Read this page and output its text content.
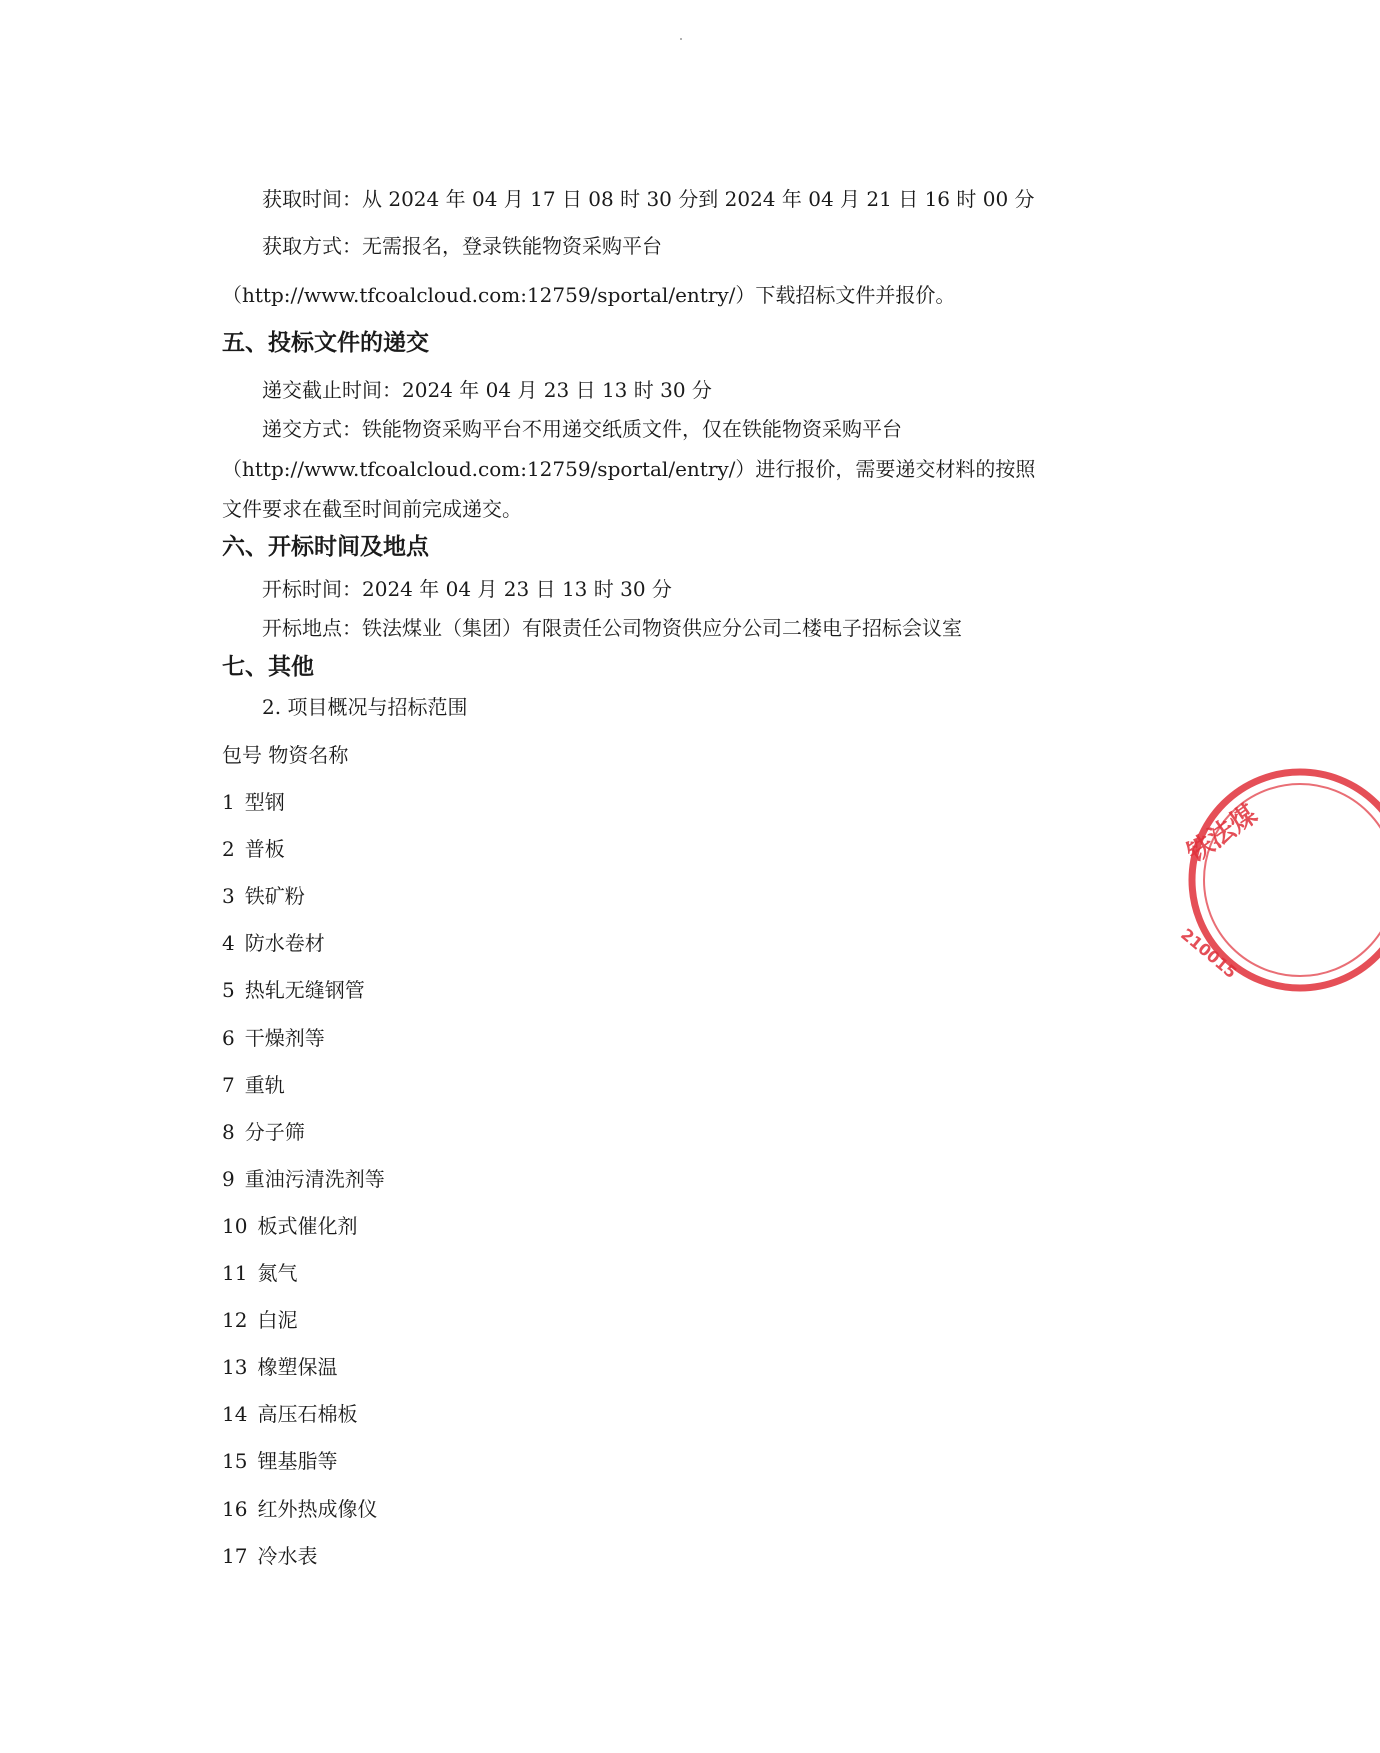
获取时间：从 2024 年 04 月 17 日 08 时 30 分到 2024 年 04 月 21 日 16 时 00 分
获取方式：无需报名，登录铁能物资采购平台
（http://www.tfcoalcloud.com:12759/sportal/entry/）下载招标文件并报价。
五、投标文件的递交
递交截止时间：2024 年 04 月 23 日 13 时 30 分
递交方式：铁能物资采购平台不用递交纸质文件，仅在铁能物资采购平台
（http://www.tfcoalcloud.com:12759/sportal/entry/）进行报价，需要递交材料的按照
文件要求在截至时间前完成递交。
六、开标时间及地点
开标时间：2024 年 04 月 23 日 13 时 30 分
开标地点：铁法煤业（集团）有限责任公司物资供应分公司二楼电子招标会议室
七、其他
2. 项目概况与招标范围
包号 物资名称
1 型钢
2 普板
3 铁矿粉
4 防水卷材
5 热轧无缝钢管
6 干燥剂等
7 重轨
8 分子筛
9 重油污清洗剂等
10 板式催化剂
11 氮气
12 白泥
13 橡塑保温
14 高压石棉板
15 锂基脂等
16 红外热成像仪
17 冷水表
铁法煤
210015
